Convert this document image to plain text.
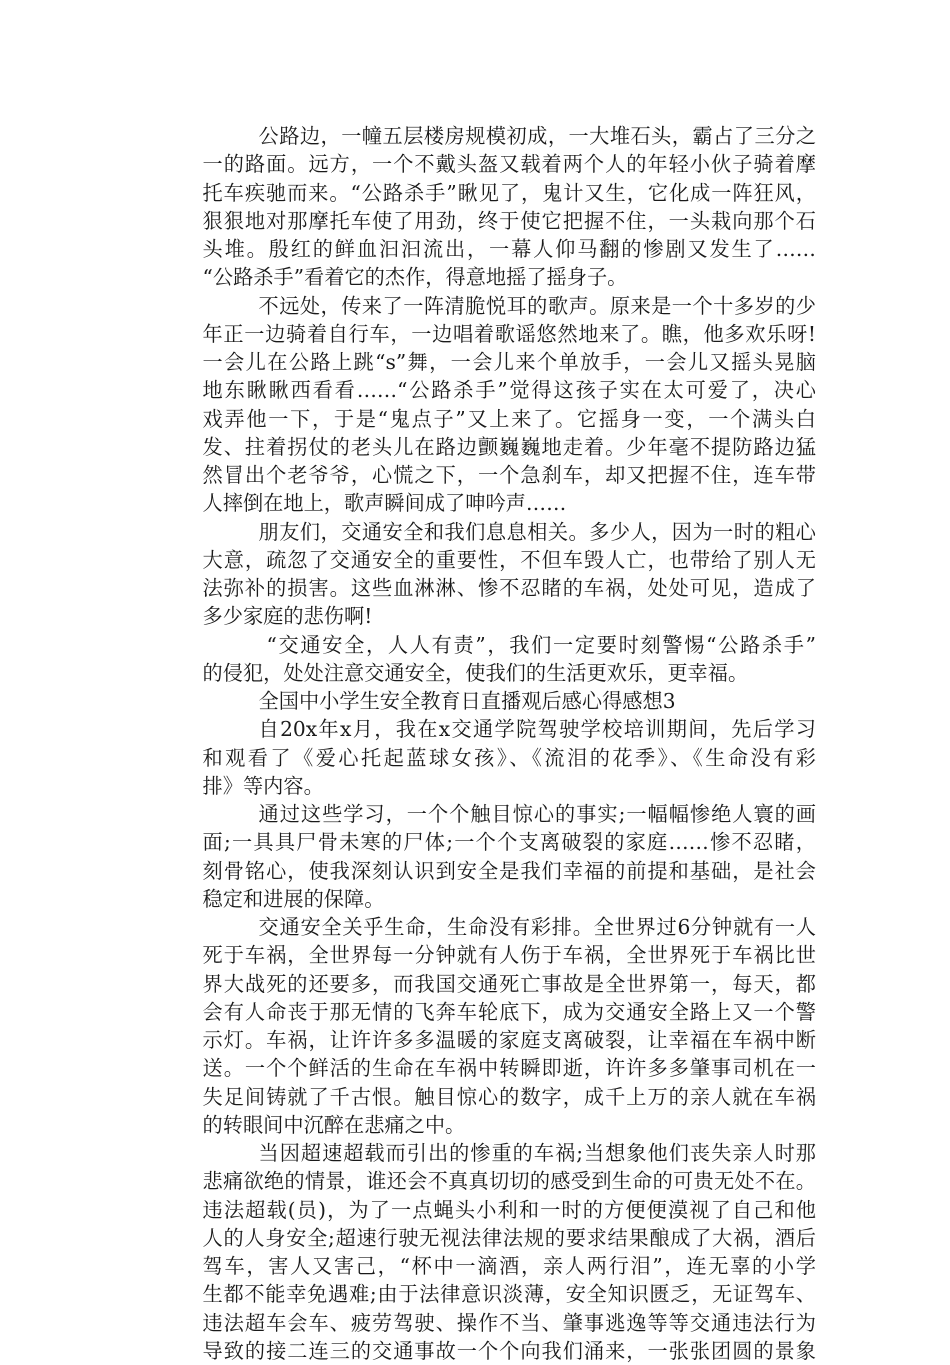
公路边，一幢五层楼房规模初成，一大堆石头，霸占了三分之
一的路面。远方，一个不戴头盔又载着两个人的年轻小伙子骑着摩
托车疾驰而来。“公路杀手”瞅见了，鬼计又生，它化成一阵狂风，
狠狠地对那摩托车使了用劲，终于使它把握不住，一头栽向那个石
头堆。殷红的鲜血汩汩流出，一幕人仰马翻的惨剧又发生了……
“公路杀手”看着它的杰作，得意地摇了摇身子。
不远处，传来了一阵清脆悦耳的歌声。原来是一个十多岁的少
年正一边骑着自行车，一边唱着歌谣悠然地来了。瞧，他多欢乐呀!
一会儿在公路上跳“s”舞，一会儿来个单放手，一会儿又摇头晃脑
地东瞅瞅西看看……“公路杀手”觉得这孩子实在太可爱了，决心
戏弄他一下，于是“鬼点子”又上来了。它摇身一变，一个满头白
发、拄着拐仗的老头儿在路边颤巍巍地走着。少年毫不提防路边猛
然冒出个老爷爷，心慌之下，一个急刹车，却又把握不住，连车带
人摔倒在地上，歌声瞬间成了呻吟声……
朋友们，交通安全和我们息息相关。多少人，因为一时的粗心
大意，疏忽了交通安全的重要性，不但车毁人亡，也带给了别人无
法弥补的损害。这些血淋淋、惨不忍睹的车祸，处处可见，造成了
多少家庭的悲伤啊!
“交通安全，人人有责”，我们一定要时刻警惕“公路杀手”
的侵犯，处处注意交通安全，使我们的生活更欢乐，更幸福。
全国中小学生安全教育日直播观后感心得感想3
自20x年x月，我在x交通学院驾驶学校培训期间，先后学习
和观看了《爱心托起蓝球女孩》、《流泪的花季》、《生命没有彩
排》等内容。
通过这些学习，一个个触目惊心的事实;一幅幅惨绝人寰的画
面;一具具尸骨未寒的尸体;一个个支离破裂的家庭……惨不忍睹，
刻骨铭心，使我深刻认识到安全是我们幸福的前提和基础，是社会
稳定和进展的保障。
交通安全关乎生命，生命没有彩排。全世界过6分钟就有一人
死于车祸，全世界每一分钟就有人伤于车祸，全世界死于车祸比世
界大战死的还要多，而我国交通死亡事故是全世界第一，每天，都
会有人命丧于那无情的飞奔车轮底下，成为交通安全路上又一个警
示灯。车祸，让许许多多温暖的家庭支离破裂，让幸福在车祸中断
送。一个个鲜活的生命在车祸中转瞬即逝，许许多多肇事司机在一
失足间铸就了千古恨。触目惊心的数字，成千上万的亲人就在车祸
的转眼间中沉醉在悲痛之中。
当因超速超载而引出的惨重的车祸;当想象他们丧失亲人时那
悲痛欲绝的情景，谁还会不真真切切的感受到生命的可贵无处不在。
违法超载(员)，为了一点蝇头小利和一时的方便便漠视了自己和他
人的人身安全;超速行驶无视法律法规的要求结果酿成了大祸，酒后
驾车，害人又害己，“杯中一滴酒，亲人两行泪”，连无辜的小学
生都不能幸免遇难;由于法律意识淡薄，安全知识匮乏，无证驾车、
违法超车会车、疲劳驾驶、操作不当、肇事逃逸等等交通违法行为
导致的接二连三的交通事故一个个向我们涌来，一张张团圆的景象
